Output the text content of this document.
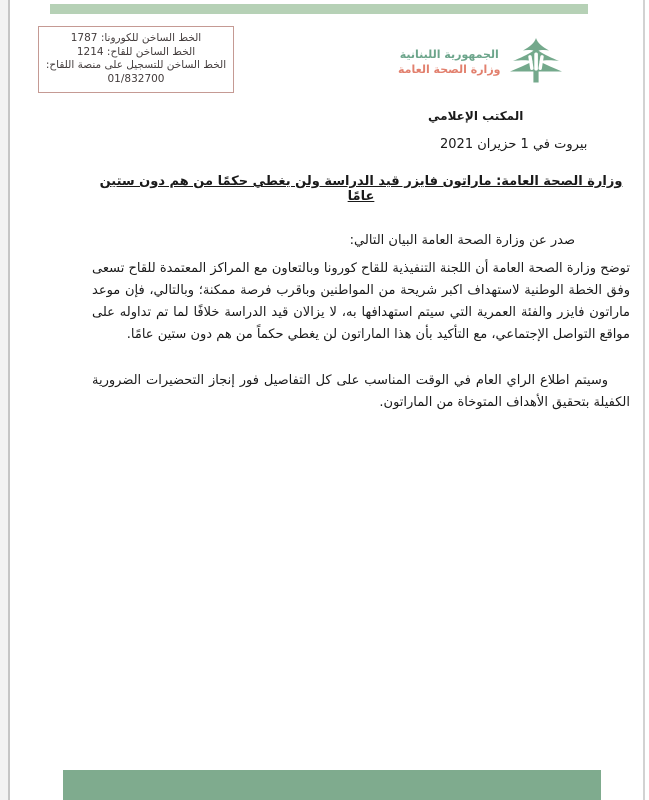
الخط الساخن للكورونا: 1787
الخط الساخن للقاح: 1214
الخط الساخن للتسجيل على منصة اللقاح:
01/832700
الجمهورية اللبنانية
وزارة الصحة العامة
المكتب الإعلامي
بيروت في 1 حزيران 2021
وزارة الصحة العامة: ماراتون فايزر قيد الدراسة ولن يغطي حكمًا من هم دون ستين عامًا
صدر عن وزارة الصحة العامة البيان التالي:

توضح وزارة الصحة العامة أن اللجنة التنفيذية للقاح كورونا وبالتعاون مع المراكز المعتمدة للقاح تسعى وفق الخطة الوطنية لاستهداف اكبر شريحة من المواطنين وباقرب فرصة ممكنة؛ وبالتالي، فإن موعد ماراتون فايزر والفئة العمرية التي سيتم استهدافها به، لا يزالان قيد الدراسة خلافًا لما تم تداوله على مواقع التواصل الإجتماعي، مع التأكيد بأن هذا الماراتون لن يغطي حكماً من هم دون ستين عامًا.

وسيتم اطلاع الراي العام في الوقت المناسب على كل التفاصيل فور إنجاز التحضيرات الضرورية الكفيلة بتحقيق الأهداف المتوخاة من الماراتون.
